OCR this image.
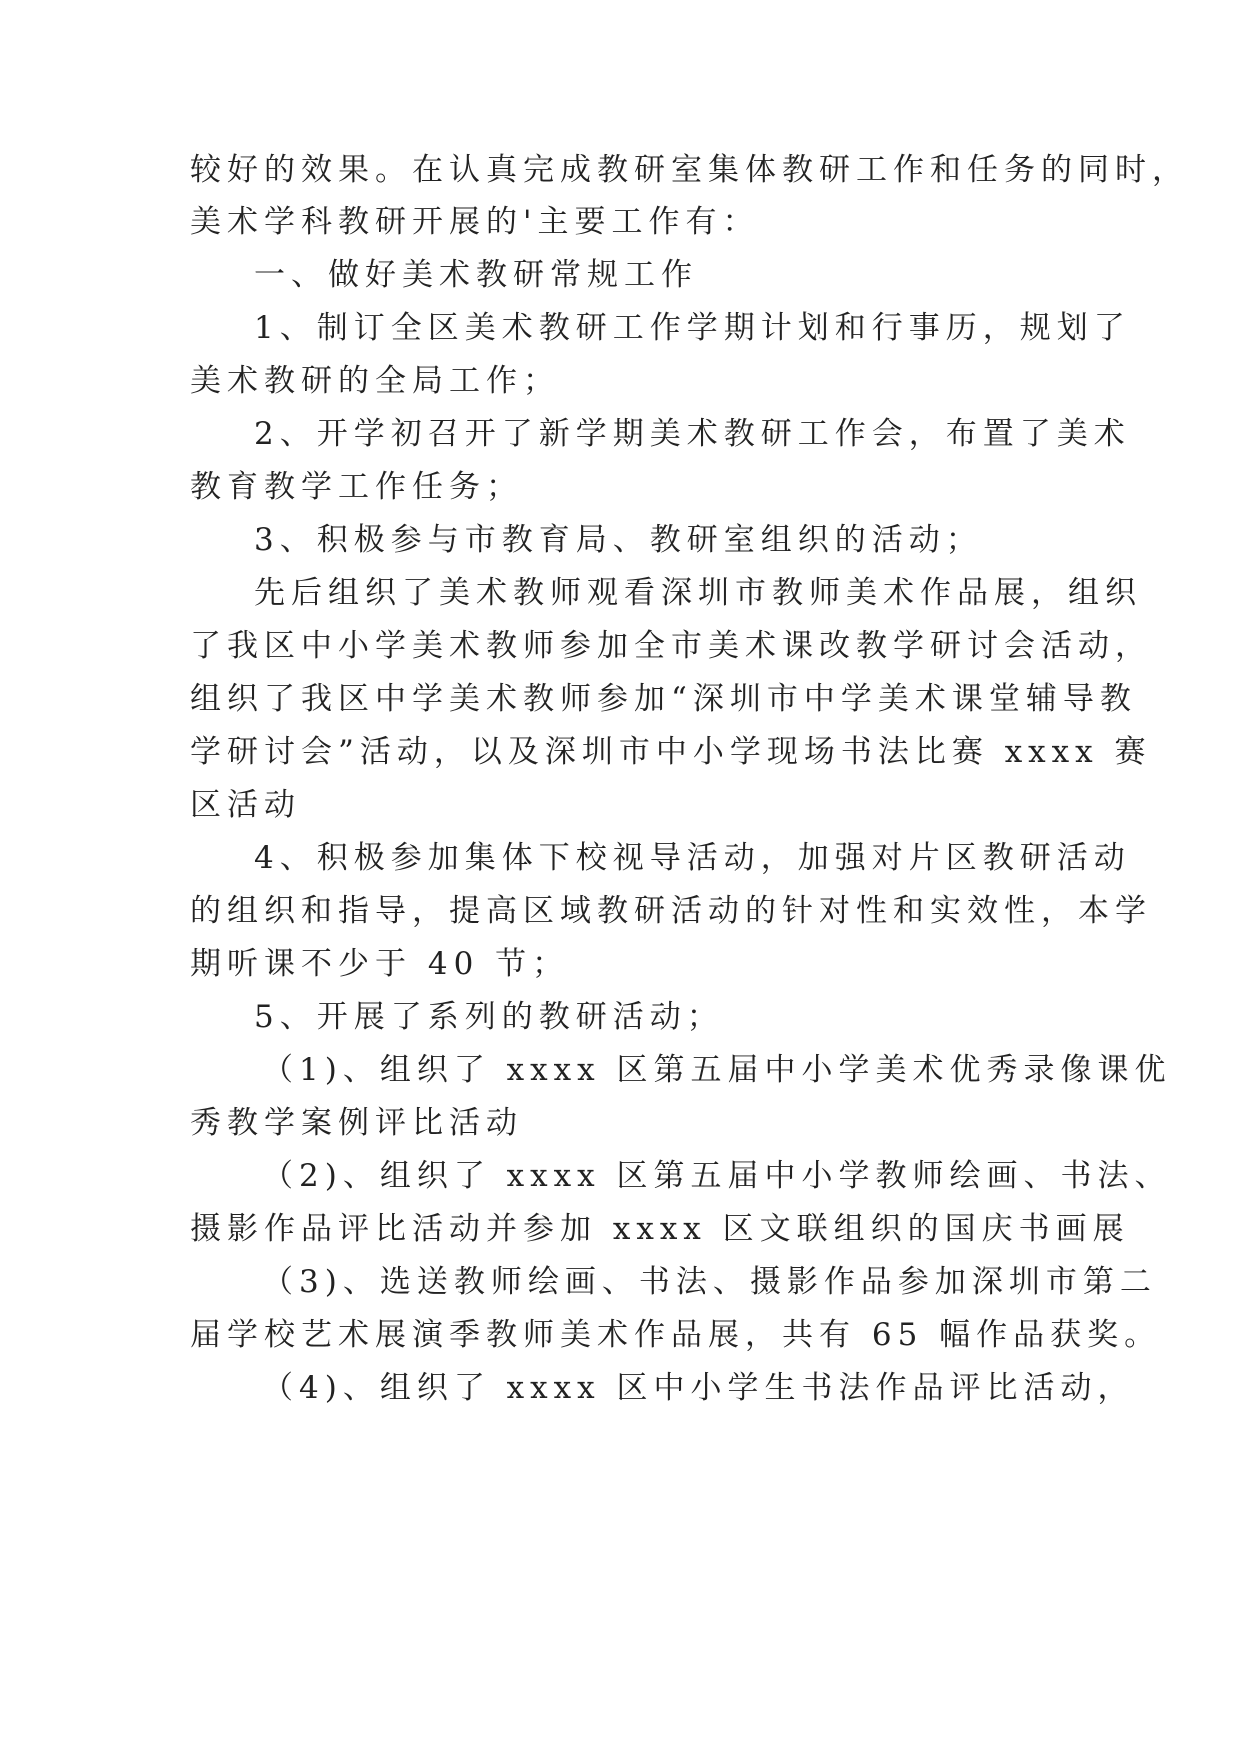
较好的效果。在认真完成教研室集体教研工作和任务的同时，
美术学科教研开展的'主要工作有：
一、做好美术教研常规工作
1、制订全区美术教研工作学期计划和行事历，规划了
美术教研的全局工作；
2、开学初召开了新学期美术教研工作会，布置了美术
教育教学工作任务；
3、积极参与市教育局、教研室组织的活动；
先后组织了美术教师观看深圳市教师美术作品展，组织
了我区中小学美术教师参加全市美术课改教学研讨会活动，
组织了我区中学美术教师参加“深圳市中学美术课堂辅导教
学研讨会”活动，以及深圳市中小学现场书法比赛 xxxx 赛
区活动
4、积极参加集体下校视导活动，加强对片区教研活动
的组织和指导，提高区域教研活动的针对性和实效性，本学
期听课不少于 40 节；
5、开展了系列的教研活动；
（1)、组织了 xxxx 区第五届中小学美术优秀录像课优
秀教学案例评比活动
（2)、组织了 xxxx 区第五届中小学教师绘画、书法、
摄影作品评比活动并参加 xxxx 区文联组织的国庆书画展
（3)、选送教师绘画、书法、摄影作品参加深圳市第二
届学校艺术展演季教师美术作品展，共有 65 幅作品获奖。
（4)、组织了 xxxx 区中小学生书法作品评比活动，
